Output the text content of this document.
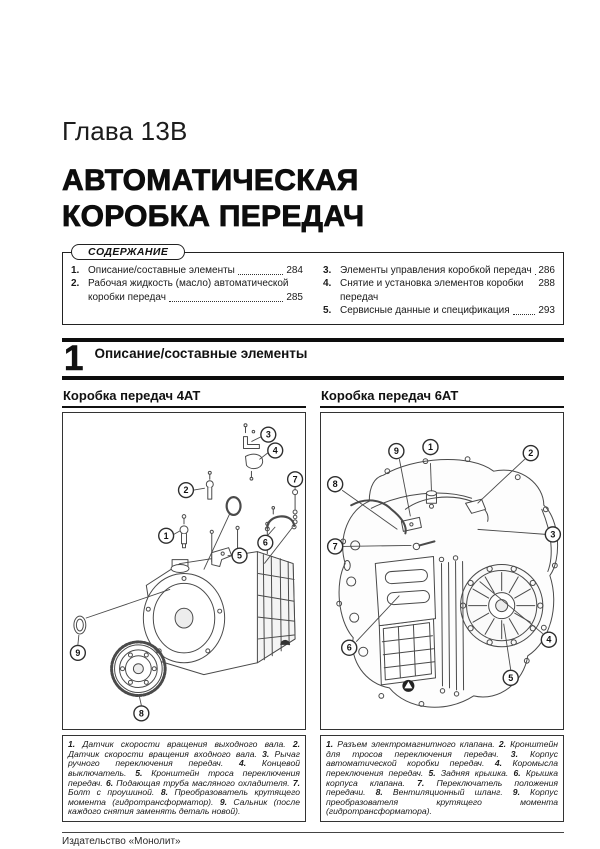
Глава 13В
АВТОМАТИЧЕСКАЯ
КОРОБКА ПЕРЕДАЧ
СОДЕРЖАНИЕ
1. Описание/составные элементы	284
2. Рабочая жидкость (масло) автоматической
коробки передач	285
3. Элементы управления коробкой передач 286
4. Снятие и установка элементов коробки передач
288
5. Сервисные данные и спецификация	293
1 Описание/составные элементы
Коробка передач 4AT
1
2
3
4
5
6
7
8
9
1. Датчик скорости вращения выходного вала. 2. Датчик скорости вращения входного вала. 3. Рычаг ручного переключения передач. 4. Концевой выключатель. 5. Кронштейн троса переключения передач. 6. Подающая труба масляного охладителя. 7. Болт с проушиной. 8. Преобразователь крутящего момента (гидротрансформатор). 9. Сальник (после каждого снятия заменять деталь новой).
Коробка передач 6AT
1
2
3
4
5
6
7
8
9
1. Разъем электромагнитного клапана. 2. Кронштейн для тросов переключения передач. 3. Корпус автоматической коробки передач. 4. Коромысла переключения передач. 5. Задняя крышка. 6. Крышка корпуса клапана. 7. Переключатель положения передачи. 8. Вентиляционный шланг. 9. Корпус преобразователя крутящего момента (гидротрансформатора).
Издательство «Монолит»
